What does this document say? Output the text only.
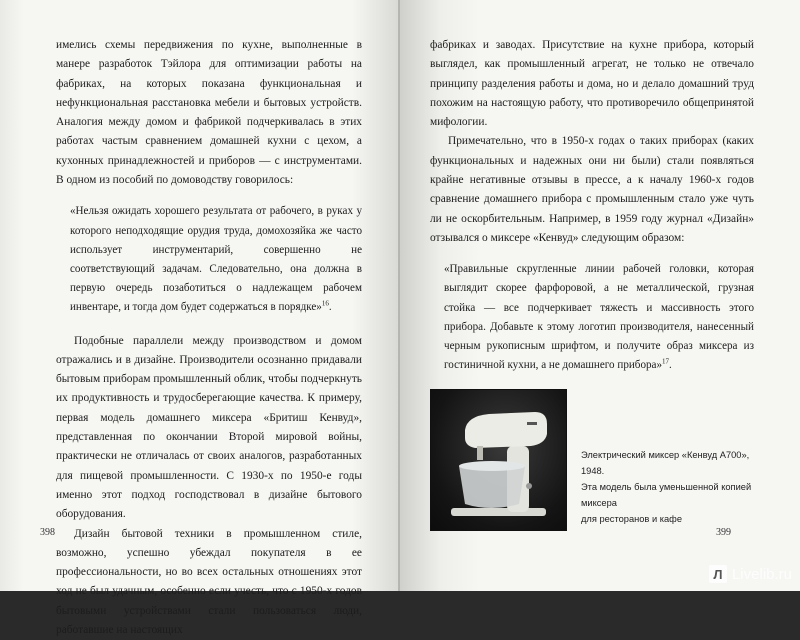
имелись схемы передвижения по кухне, выполненные в манере разработок Тэйлора для оптимизации работы на фабриках, на которых показана функциональная и нефункциональная расстановка мебели и бытовых устройств. Аналогия между домом и фабрикой подчеркивалась в этих работах частым сравнением домашней кухни с цехом, а кухонных принадлежностей и приборов — с инструментами. В одном из пособий по домоводству говорилось:

«Нельзя ожидать хорошего результата от рабочего, в руках у которого неподходящие орудия труда, домохозяйка же часто использует инструментарий, совершенно не соответствующий задачам. Следовательно, она должна в первую очередь позаботиться о надлежащем рабочем инвентаре, и тогда дом будет содержаться в порядке»$^{16}$.

Подобные параллели между производством и домом отражались и в дизайне. Производители осознанно придавали бытовым приборам промышленный облик, чтобы подчеркнуть их продуктивность и трудосберегающие качества. К примеру, первая модель домашнего миксера «Бритиш Кенвуд», представленная по окончании Второй мировой войны, практически не отличалась от своих аналогов, разработанных для пищевой промышленности. С 1930-х по 1950-е годы именно этот подход господствовал в дизайне бытового оборудования.

Дизайн бытовой техники в промышленном стиле, возможно, успешно убеждал покупателя в ее профессиональности, но во всех остальных отношениях этот ход не был удачным, особенно если учесть, что с 1950-х годов бытовыми устройствами стали пользоваться люди, работавшие на настоящих

398

фабриках и заводах. Присутствие на кухне прибора, который выглядел, как промышленный агрегат, не только не отвечало принципу разделения работы и дома, но и делало домашний труд похожим на настоящую работу, что противоречило общепринятой мифологии.

Примечательно, что в 1950-х годах о таких приборах (каких функциональных и надежных они ни были) стали появляться крайне негативные отзывы в прессе, а к началу 1960-х годов сравнение домашнего прибора с промышленным стало уже чуть ли не оскорбительным. Например, в 1959 году журнал «Дизайн» отзывался о миксере «Кенвуд» следующим образом:

«Правильные скругленные линии рабочей головки, которая выглядит скорее фарфоровой, а не металлической, грузная стойка — все подчеркивает тяжесть и массивность этого прибора. Добавьте к этому логотип производителя, нанесенный черным рукописным шрифтом, и получите образ миксера из гостиничной кухни, а не домашнего прибора»$^{17}$.

Электрический миксер «Кенвуд А700», 1948.
Эта модель была уменьшенной копией миксера
для ресторанов и кафе
399
Л Livelib.ru
